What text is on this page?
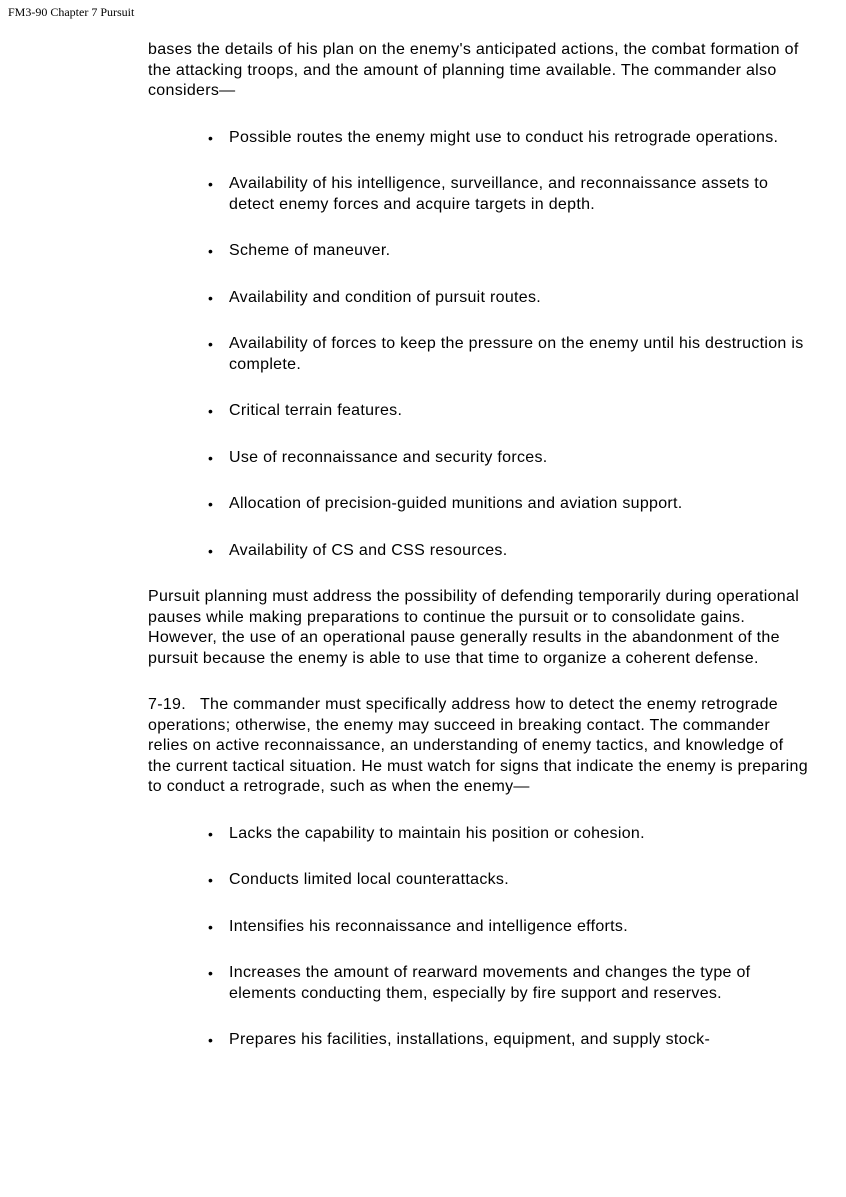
FM3-90 Chapter 7 Pursuit

bases the details of his plan on the enemy's anticipated actions, the combat formation of the attacking troops, and the amount of planning time available. The commander also considers—

• Possible routes the enemy might use to conduct his retrograde operations.
• Availability of his intelligence, surveillance, and reconnaissance assets to detect enemy forces and acquire targets in depth.
• Scheme of maneuver.
• Availability and condition of pursuit routes.
• Availability of forces to keep the pressure on the enemy until his destruction is complete.
• Critical terrain features.
• Use of reconnaissance and security forces.
• Allocation of precision-guided munitions and aviation support.
• Availability of CS and CSS resources.

Pursuit planning must address the possibility of defending temporarily during operational pauses while making preparations to continue the pursuit or to consolidate gains. However, the use of an operational pause generally results in the abandonment of the pursuit because the enemy is able to use that time to organize a coherent defense.

7-19. The commander must specifically address how to detect the enemy retrograde operations; otherwise, the enemy may succeed in breaking contact. The commander relies on active reconnaissance, an understanding of enemy tactics, and knowledge of the current tactical situation. He must watch for signs that indicate the enemy is preparing to conduct a retrograde, such as when the enemy—

• Lacks the capability to maintain his position or cohesion.
• Conducts limited local counterattacks.
• Intensifies his reconnaissance and intelligence efforts.
• Increases the amount of rearward movements and changes the type of elements conducting them, especially by fire support and reserves.
• Prepares his facilities, installations, equipment, and supply stock-
